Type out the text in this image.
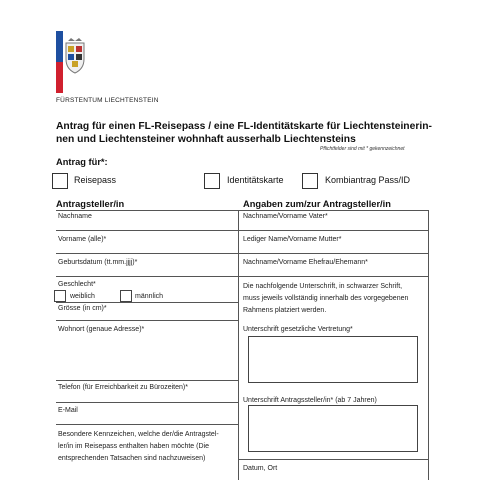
FÜRSTENTUM LIECHTENSTEIN
Antrag für einen FL-Reisepass / eine FL-Identitätskarte für Liechtensteinerin-nen und Liechtensteiner wohnhaft ausserhalb Liechtensteins
Pflichtfelder sind mit * gekennzeichnet
Antrag für*:
Reisepass	Identitätskarte	Kombiantrag Pass/ID
Antragsteller/in	Angaben zum/zur Antragsteller/in
Nachname
Vorname (alle)*
Geburtsdatum (tt.mm.jjjj)*
Geschlecht*
weiblich	männlich
Grösse (in cm)*
Wohnort (genaue Adresse)*
Telefon (für Erreichbarkeit zu Bürozeiten)*
E-Mail
Besondere Kennzeichen, welche der/die Antragstel-
ler/in im Reisepass enthalten haben möchte (Die
entsprechenden Tatsachen sind nachzuweisen)
Nachname/Vorname Vater*
Lediger Name/Vorname Mutter*
Nachname/Vorname Ehefrau/Ehemann*
Die nachfolgende Unterschrift, in schwarzer Schrift,
muss jeweils vollständig innerhalb des vorgegebenen
Rahmens platziert werden.
Unterschrift gesetzliche Vertretung*
Unterschrift Antragssteller/in* (ab 7 Jahren)
Datum, Ort
